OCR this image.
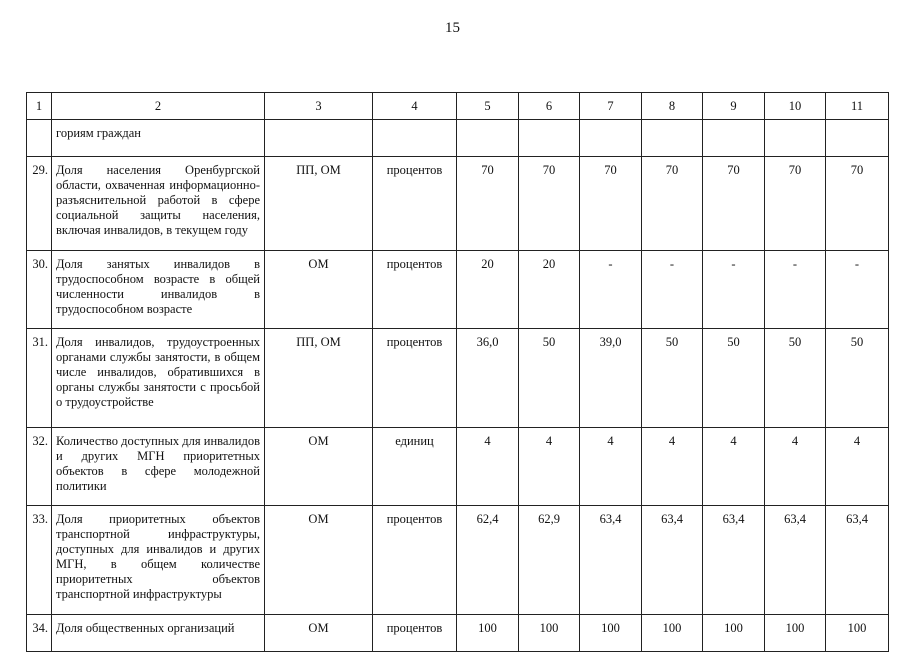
15
1	2	3	4	5	6	7	8	9	10	11
	гориям граждан									
29.	Доля населения Оренбургской области, охваченная информационно-разъяснительной работой в сфере социальной защиты населения, включая инвалидов, в текущем году	ПП, ОМ	процентов	70	70	70	70	70	70	70
30.	Доля занятых инвалидов в трудоспособном возрасте в общей численности инвалидов в трудоспособном возрасте	ОМ	процентов	20	20	-	-	-	-	-
31.	Доля инвалидов, трудоустроенных органами службы занятости, в общем числе инвалидов, обратившихся в органы службы занятости с просьбой о трудоустройстве	ПП, ОМ	процентов	36,0	50	39,0	50	50	50	50
32.	Количество доступных для инвалидов и других МГН приоритетных объектов в сфере молодежной политики	ОМ	единиц	4	4	4	4	4	4	4
33.	Доля приоритетных объектов транспортной инфраструктуры, доступных для инвалидов и других МГН, в общем количестве приоритетных объектов транспортной инфраструктуры	ОМ	процентов	62,4	62,9	63,4	63,4	63,4	63,4	63,4
34.	Доля общественных организаций	ОМ	процентов	100	100	100	100	100	100	100
